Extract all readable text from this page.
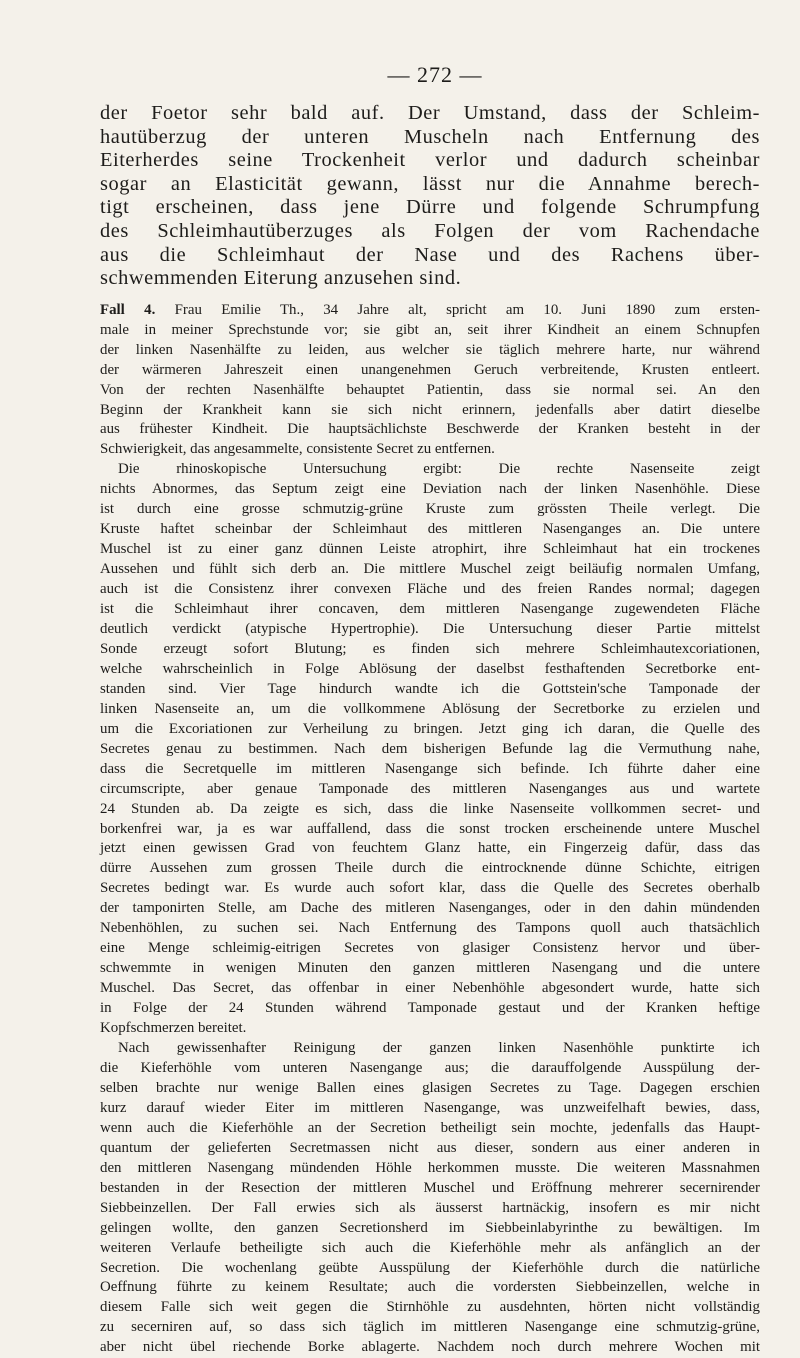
— 272 —
der Foetor sehr bald auf. Der Umstand, dass der Schleim-
hautüberzug der unteren Muscheln nach Entfernung des
Eiterherdes seine Trockenheit verlor und dadurch scheinbar
sogar an Elasticität gewann, lässt nur die Annahme berech-
tigt erscheinen, dass jene Dürre und folgende Schrumpfung
des Schleimhautüberzuges als Folgen der vom Rachendache
aus die Schleimhaut der Nase und des Rachens über-
schwemmenden Eiterung anzusehen sind.
Fall 4. Frau Emilie Th., 34 Jahre alt, spricht am 10. Juni 1890 zum ersten-
male in meiner Sprechstunde vor; sie gibt an, seit ihrer Kindheit an einem Schnupfen
der linken Nasenhälfte zu leiden, aus welcher sie täglich mehrere harte, nur während
der wärmeren Jahreszeit einen unangenehmen Geruch verbreitende, Krusten entleert.
Von der rechten Nasenhälfte behauptet Patientin, dass sie normal sei. An den
Beginn der Krankheit kann sie sich nicht erinnern, jedenfalls aber datirt dieselbe
aus frühester Kindheit. Die hauptsächlichste Beschwerde der Kranken besteht in der
Schwierigkeit, das angesammelte, consistente Secret zu entfernen.
Die rhinoskopische Untersuchung ergibt: Die rechte Nasenseite zeigt
nichts Abnormes, das Septum zeigt eine Deviation nach der linken Nasenhöhle. Diese
ist durch eine grosse schmutzig-grüne Kruste zum grössten Theile verlegt. Die
Kruste haftet scheinbar der Schleimhaut des mittleren Nasenganges an. Die untere
Muschel ist zu einer ganz dünnen Leiste atrophirt, ihre Schleimhaut hat ein trockenes
Aussehen und fühlt sich derb an. Die mittlere Muschel zeigt beiläufig normalen Umfang,
auch ist die Consistenz ihrer convexen Fläche und des freien Randes normal; dagegen
ist die Schleimhaut ihrer concaven, dem mittleren Nasengange zugewendeten Fläche
deutlich verdickt (atypische Hypertrophie). Die Untersuchung dieser Partie mittelst
Sonde erzeugt sofort Blutung; es finden sich mehrere Schleimhautexcoriationen,
welche wahrscheinlich in Folge Ablösung der daselbst festhaftenden Secretborke ent-
standen sind. Vier Tage hindurch wandte ich die Gottstein'sche Tamponade der
linken Nasenseite an, um die vollkommene Ablösung der Secretborke zu erzielen und
um die Excoriationen zur Verheilung zu bringen. Jetzt ging ich daran, die Quelle des
Secretes genau zu bestimmen. Nach dem bisherigen Befunde lag die Vermuthung nahe,
dass die Secretquelle im mittleren Nasengange sich befinde. Ich führte daher eine
circumscripte, aber genaue Tamponade des mittleren Nasenganges aus und wartete
24 Stunden ab. Da zeigte es sich, dass die linke Nasenseite vollkommen secret- und
borkenfrei war, ja es war auffallend, dass die sonst trocken erscheinende untere Muschel
jetzt einen gewissen Grad von feuchtem Glanz hatte, ein Fingerzeig dafür, dass das
dürre Aussehen zum grossen Theile durch die eintrocknende dünne Schichte, eitrigen
Secretes bedingt war. Es wurde auch sofort klar, dass die Quelle des Secretes oberhalb
der tamponirten Stelle, am Dache des mitleren Nasenganges, oder in den dahin mündenden
Nebenhöhlen, zu suchen sei. Nach Entfernung des Tampons quoll auch thatsächlich
eine Menge schleimig-eitrigen Secretes von glasiger Consistenz hervor und über-
schwemmte in wenigen Minuten den ganzen mittleren Nasengang und die untere
Muschel. Das Secret, das offenbar in einer Nebenhöhle abgesondert wurde, hatte sich
in Folge der 24 Stunden während Tamponade gestaut und der Kranken heftige
Kopfschmerzen bereitet.
Nach gewissenhafter Reinigung der ganzen linken Nasenhöhle punktirte ich
die Kieferhöhle vom unteren Nasengange aus; die darauffolgende Ausspülung der-
selben brachte nur wenige Ballen eines glasigen Secretes zu Tage. Dagegen erschien
kurz darauf wieder Eiter im mittleren Nasengange, was unzweifelhaft bewies, dass,
wenn auch die Kieferhöhle an der Secretion betheiligt sein mochte, jedenfalls das Haupt-
quantum der gelieferten Secretmassen nicht aus dieser, sondern aus einer anderen in
den mittleren Nasengang mündenden Höhle herkommen musste. Die weiteren Massnahmen
bestanden in der Resection der mittleren Muschel und Eröffnung mehrerer secernirender
Siebbeinzellen. Der Fall erwies sich als äusserst hartnäckig, insofern es mir nicht
gelingen wollte, den ganzen Secretionsherd im Siebbeinlabyrinthe zu bewältigen. Im
weiteren Verlaufe betheiligte sich auch die Kieferhöhle mehr als anfänglich an der
Secretion. Die wochenlang geübte Ausspülung der Kieferhöhle durch die natürliche
Oeffnung führte zu keinem Resultate; auch die vordersten Siebbeinzellen, welche in
diesem Falle sich weit gegen die Stirnhöhle zu ausdehnten, hörten nicht vollständig
zu secerniren auf, so dass sich täglich im mittleren Nasengange eine schmutzig-grüne,
aber nicht übel riechende Borke ablagerte. Nachdem noch durch mehrere Wochen mit
